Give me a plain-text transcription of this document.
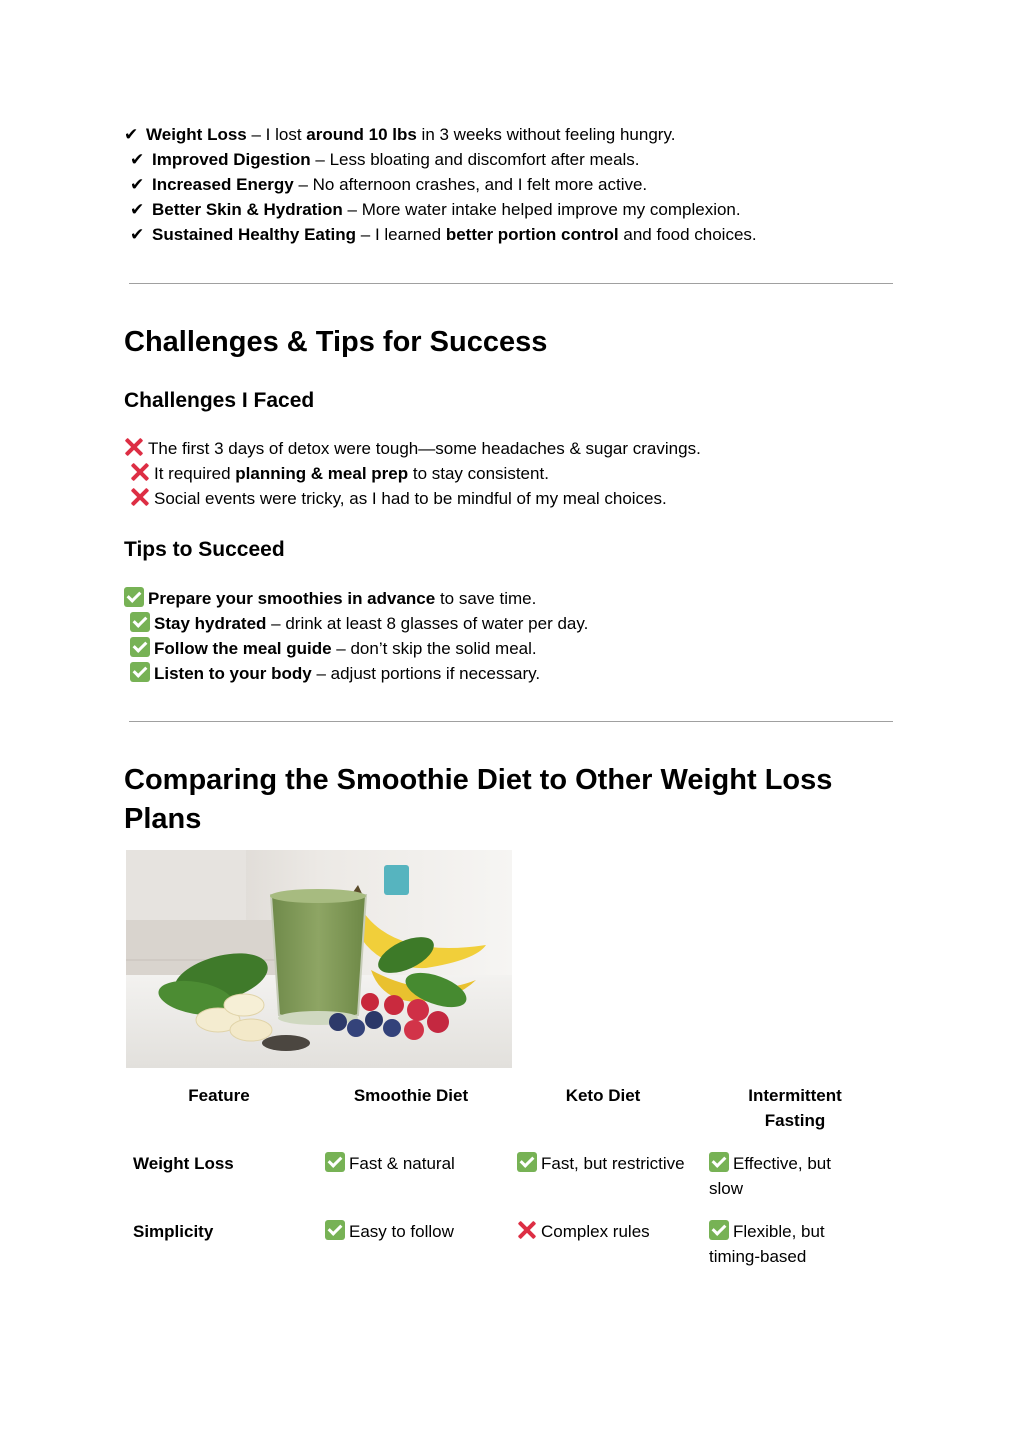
✔ Weight Loss – I lost around 10 lbs in 3 weeks without feeling hungry.
✔ Improved Digestion – Less bloating and discomfort after meals.
✔ Increased Energy – No afternoon crashes, and I felt more active.
✔ Better Skin & Hydration – More water intake helped improve my complexion.
✔ Sustained Healthy Eating – I learned better portion control and food choices.
Challenges & Tips for Success
Challenges I Faced
The first 3 days of detox were tough—some headaches & sugar cravings.
It required planning & meal prep to stay consistent.
Social events were tricky, as I had to be mindful of my meal choices.
Tips to Succeed
Prepare your smoothies in advance to save time.
Stay hydrated – drink at least 8 glasses of water per day.
Follow the meal guide – don’t skip the solid meal.
Listen to your body – adjust portions if necessary.
Comparing the Smoothie Diet to Other Weight Loss Plans
Feature	Smoothie Diet	Keto Diet	Intermittent Fasting
Weight Loss	Fast & natural	Fast, but restrictive	Effective, but slow
Simplicity	Easy to follow	Complex rules	Flexible, but timing-based
